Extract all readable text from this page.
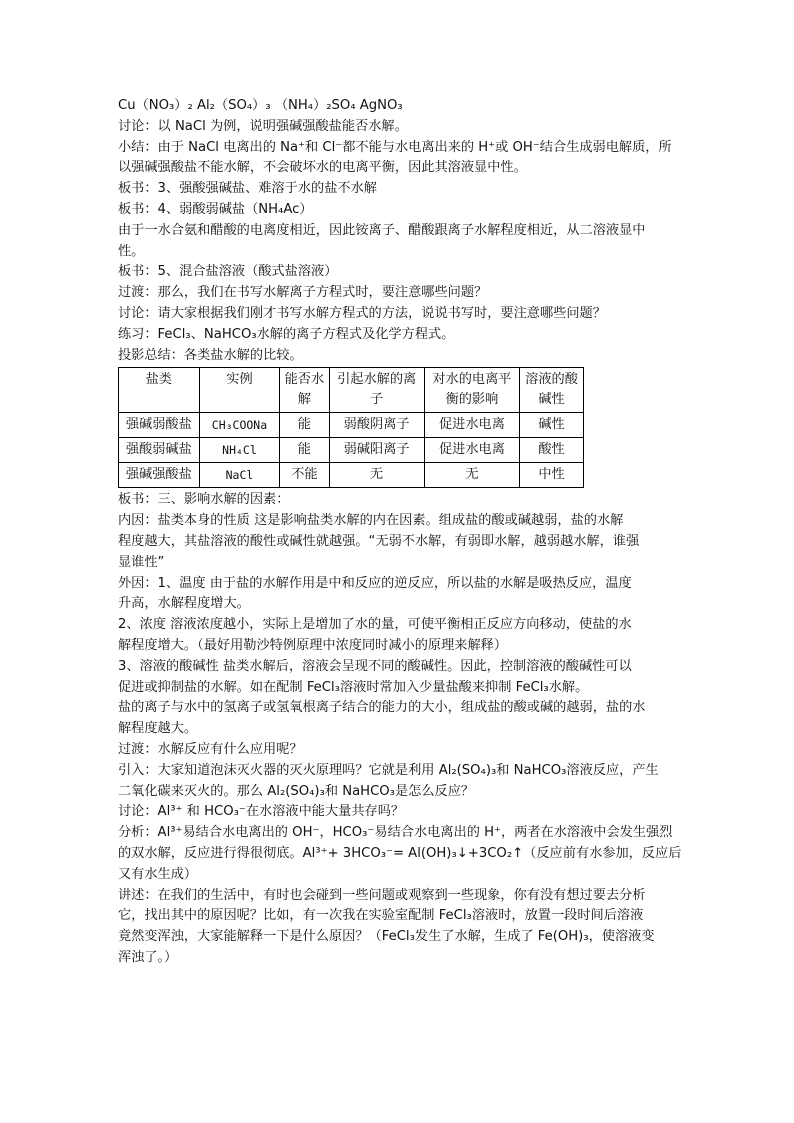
Cu（NO₃）₂ Al₂（SO₄）₃ （NH₄）₂SO₄ AgNO₃
讨论：以 NaCl 为例，说明强碱强酸盐能否水解。
小结：由于 NaCl 电离出的 Na⁺和 Cl⁻都不能与水电离出来的 H⁺或 OH⁻结合生成弱电解质，所
以强碱强酸盐不能水解，不会破坏水的电离平衡，因此其溶液显中性。
板书：3、强酸强碱盐、难溶于水的盐不水解
板书：4、弱酸弱碱盐（NH₄Ac）
由于一水合氨和醋酸的电离度相近，因此铵离子、醋酸跟离子水解程度相近，从二溶液显中
性。
板书：5、混合盐溶液（酸式盐溶液）
过渡：那么，我们在书写水解离子方程式时，要注意哪些问题？
讨论：请大家根据我们刚才书写水解方程式的方法，说说书写时，要注意哪些问题？
练习：FeCl₃、NaHCO₃水解的离子方程式及化学方程式。
投影总结：各类盐水解的比较。
盐类	实例	能否水解	引起水解的离子	对水的电离平衡的影响	溶液的酸碱性
强碱弱酸盐	CH₃COONa	能	弱酸阴离子	促进水电离	碱性
强酸弱碱盐	NH₄Cl	能	弱碱阳离子	促进水电离	酸性
强碱强酸盐	NaCl	不能	无	无	中性
板书：三、影响水解的因素：
内因：盐类本身的性质 这是影响盐类水解的内在因素。组成盐的酸或碱越弱，盐的水解
程度越大，其盐溶液的酸性或碱性就越强。“无弱不水解，有弱即水解，越弱越水解，谁强
显谁性”
外因：1、温度 由于盐的水解作用是中和反应的逆反应，所以盐的水解是吸热反应，温度
升高，水解程度增大。
2、浓度 溶液浓度越小，实际上是增加了水的量，可使平衡相正反应方向移动，使盐的水
解程度增大。（最好用勒沙特例原理中浓度同时减小的原理来解释）
3、溶液的酸碱性 盐类水解后，溶液会呈现不同的酸碱性。因此，控制溶液的酸碱性可以
促进或抑制盐的水解。如在配制 FeCl₃溶液时常加入少量盐酸来抑制 FeCl₃水解。
盐的离子与水中的氢离子或氢氧根离子结合的能力的大小，组成盐的酸或碱的越弱，盐的水
解程度越大。
过渡：水解反应有什么应用呢？
引入：大家知道泡沫灭火器的灭火原理吗？它就是利用 Al₂(SO₄)₃和 NaHCO₃溶液反应，产生
二氧化碳来灭火的。那么 Al₂(SO₄)₃和 NaHCO₃是怎么反应？
讨论：Al³⁺ 和 HCO₃⁻在水溶液中能大量共存吗？
分析：Al³⁺易结合水电离出的 OH⁻，HCO₃⁻易结合水电离出的 H⁺，两者在水溶液中会发生强烈
的双水解，反应进行得很彻底。Al³⁺+ 3HCO₃⁻= Al(OH)₃↓+3CO₂↑（反应前有水参加，反应后
又有水生成）
讲述：在我们的生活中，有时也会碰到一些问题或观察到一些现象，你有没有想过要去分析
它，找出其中的原因呢？比如，有一次我在实验室配制 FeCl₃溶液时，放置一段时间后溶液
竟然变浑浊，大家能解释一下是什么原因？（FeCl₃发生了水解，生成了 Fe(OH)₃，使溶液变
浑浊了。）
